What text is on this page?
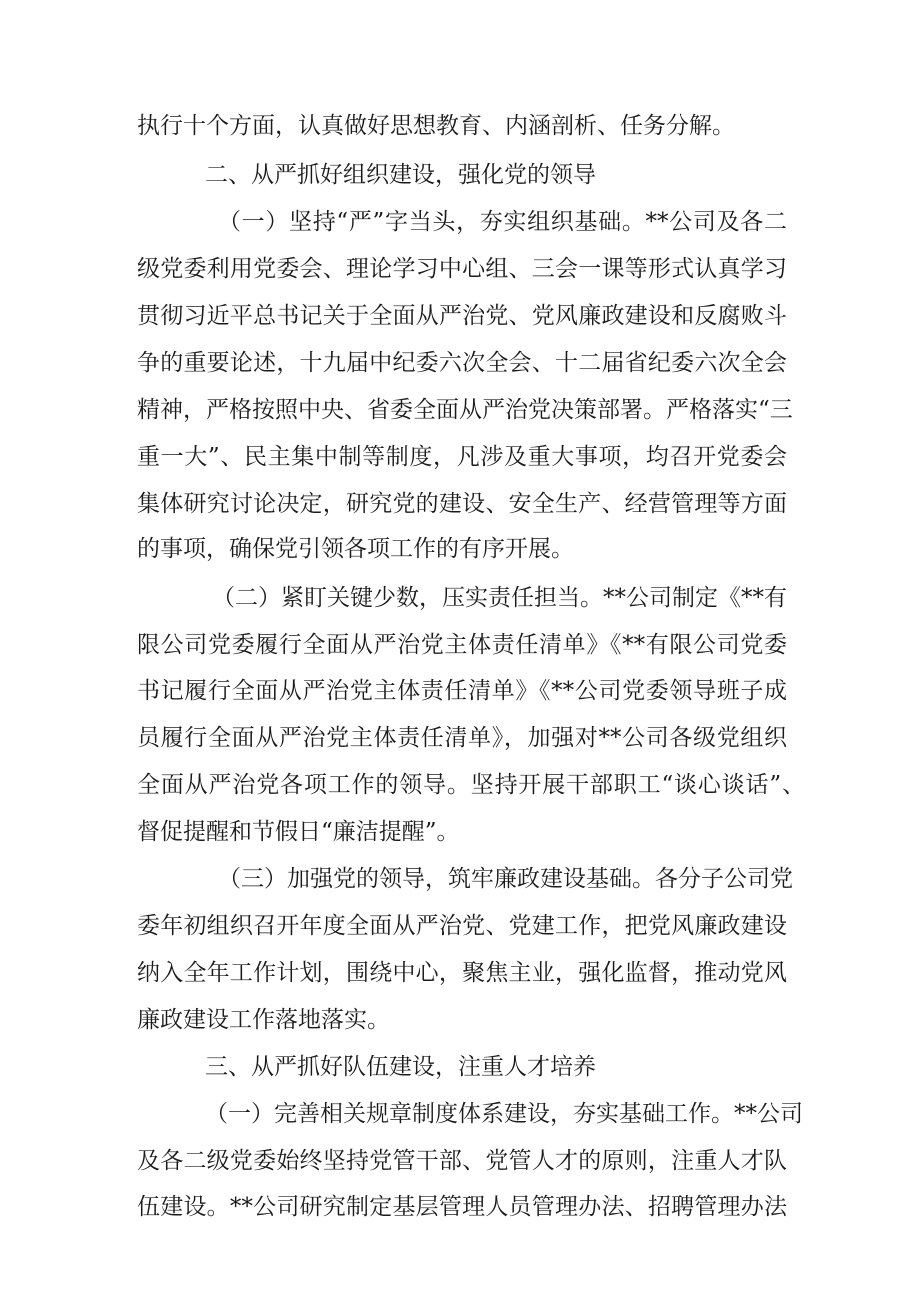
执行十个方面，认真做好思想教育、内涵剖析、任务分解。
二、从严抓好组织建设，强化党的领导
（一）坚持“严”字当头，夯实组织基础。**公司及各二
级党委利用党委会、理论学习中心组、三会一课等形式认真学习
贯彻习近平总书记关于全面从严治党、党风廉政建设和反腐败斗
争的重要论述，十九届中纪委六次全会、十二届省纪委六次全会
精神，严格按照中央、省委全面从严治党决策部署。严格落实“三
重一大”、民主集中制等制度，凡涉及重大事项，均召开党委会
集体研究讨论决定，研究党的建设、安全生产、经营管理等方面
的事项，确保党引领各项工作的有序开展。
（二）紧盯关键少数，压实责任担当。**公司制定《**有
限公司党委履行全面从严治党主体责任清单》《**有限公司党委
书记履行全面从严治党主体责任清单》《**公司党委领导班子成
员履行全面从严治党主体责任清单》，加强对**公司各级党组织
全面从严治党各项工作的领导。坚持开展干部职工“谈心谈话”、
督促提醒和节假日“廉洁提醒”。
（三）加强党的领导，筑牢廉政建设基础。各分子公司党
委年初组织召开年度全面从严治党、党建工作，把党风廉政建设
纳入全年工作计划，围绕中心，聚焦主业，强化监督，推动党风
廉政建设工作落地落实。
三、从严抓好队伍建设，注重人才培养
（一）完善相关规章制度体系建设，夯实基础工作。**公司
及各二级党委始终坚持党管干部、党管人才的原则，注重人才队
伍建设。**公司研究制定基层管理人员管理办法、招聘管理办法
